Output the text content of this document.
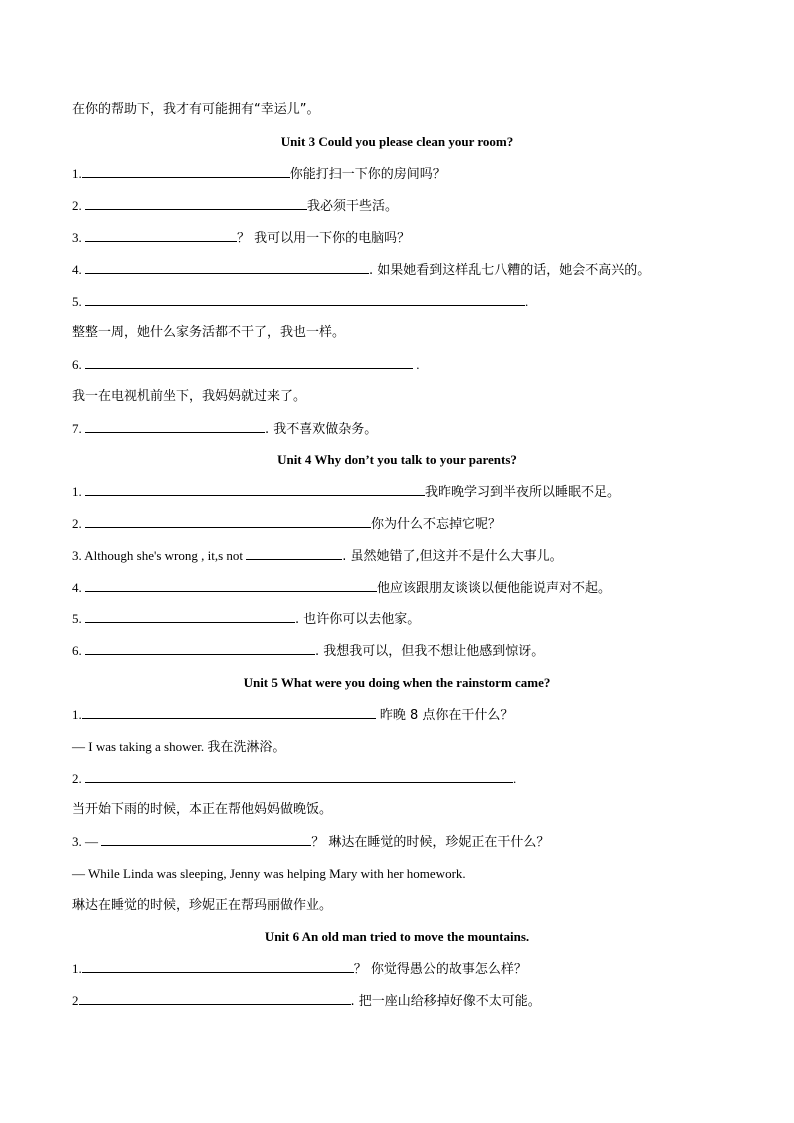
在你的帮助下，我才有可能拥有“幸运儿”。
Unit 3 Could you please clean your room?
1.	你能打扫一下你的房间吗？
2.	我必须干些活。
3.	？ 我可以用一下你的电脑吗？
4.	. 如果她看到这样乱七八糟的话，她会不高兴的。
5.	.
整整一周，她什么家务活都不干了，我也一样。
6.	.
我一在电视机前坐下，我妈妈就过来了。
7.	. 我不喜欢做杂务。
Unit 4 Why don’t you talk to your parents?
1.	我昨晚学习到半夜所以睡眠不足。
2.	你为什么不忘掉它呢？
3. Although she's wrong , it,s not	. 虽然她错了,但这并不是什么大事儿。
4.	他应该跟朋友谈谈以便他能说声对不起。
5.	. 也许你可以去他家。
6.	. 我想我可以，但我不想让他感到惊讶。
Unit 5 What were you doing when the rainstorm came?
1.	昨晚 8 点你在干什么？
— I was taking a shower. 我在洗淋浴。
2.	.
当开始下雨的时候，本正在帮他妈妈做晚饭。
3. —	？ 琳达在睡觉的时候，珍妮正在干什么？
— While Linda was sleeping, Jenny was helping Mary with her homework.
琳达在睡觉的时候，珍妮正在帮玛丽做作业。
Unit 6 An old man tried to move the mountains.
1.	？ 你觉得愚公的故事怎么样？
2	. 把一座山给移掉好像不太可能。
